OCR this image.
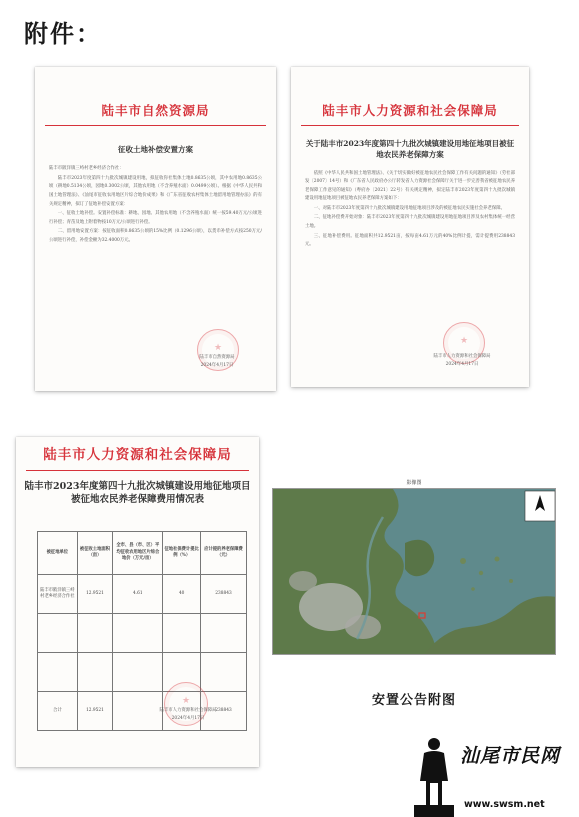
附件：
陆丰市自然资源局
征收土地补偿安置方案

陆丰市陂洋镇三峙村老乡经济合作社：

陆丰市2023年度第四十九批次城镇建设用地，拟征收你社集体土地0.8635公顷，其中农用地0.8635公顷（耕地0.5134公顷，园地0.3002公顷，其他农用地（不含养殖水面）0.0499公顷）。根据《中华人民共和国土地管理法》、《汕尾市征收农用地区片综合地价成果》和《广东省征收农村集体土地留用地管理办法》的有关规定精神，拟订了征地补偿安置方案：

一、征收土地补偿。安置补偿标准：耕地、园地、其他农用地（不含养殖水面）统一按59.40万元/公顷进行补偿；青苗及地上附着物按10万元/公顷进行补偿。

二、留用地安置方案：按征收面积0.8635公顷的15%比例（0.1296公顷），以货币补偿方式按250万元/公顷进行补偿，补偿金额为32.4000万元。

★
陆丰市自然资源局
2024年4月17日
陆丰市人力资源和社会保障局
关于陆丰市2023年度第四十九批次城镇建设用地征地项目被征地农民养老保障方案

依照《中华人民共和国土地管理法》、《关于切实做好被征地农民社会保障工作有关问题的通知》（劳社部发〔2007〕14号）和《广东省人民政府办公厅转发省人力资源社会保障厅关于进一步完善我省被征地农民养老保障工作意见的通知》（粤府办〔2021〕22号）有关规定精神，拟定陆丰市2023年度第四十九批次城镇建设用地征地项目被征地农民养老保障方案如下：

一、对陆丰市2023年度第四十九批次城镇建设用地征地项目涉及的被征地农民实施社会养老保障。

二、征地补偿费开始对象：陆丰市2023年度第四十九批次城镇建设用地征地项目涉及农村集体统一经营土地。

三、征地补偿费用。征地面积共12.9521亩，按每亩4.61万元的40%比例计提，需计提费用238843元。

★
陆丰市人力资源和社会保障局
2024年4月17日
陆丰市人力资源和社会保障局
陆丰市2023年度第四十九批次城镇建设用地征地项目被征地农民养老保障费用情况表
被征地单位	被征收土地面积（亩）	全市、县（市、区）平均征收农用地区片综合地价（万元/亩）	征地社保费计提比例（%）	应计提的养老保障费（元）
陆丰市陂洋镇三峙村老乡经济合作社	12.9521	4.61	40	238843

合计	12.9521			238843
★
陆丰市人力资源和社会保障局
2024年4月17日
影像图
安置公告附图
汕尾市民网
www.swsm.net
